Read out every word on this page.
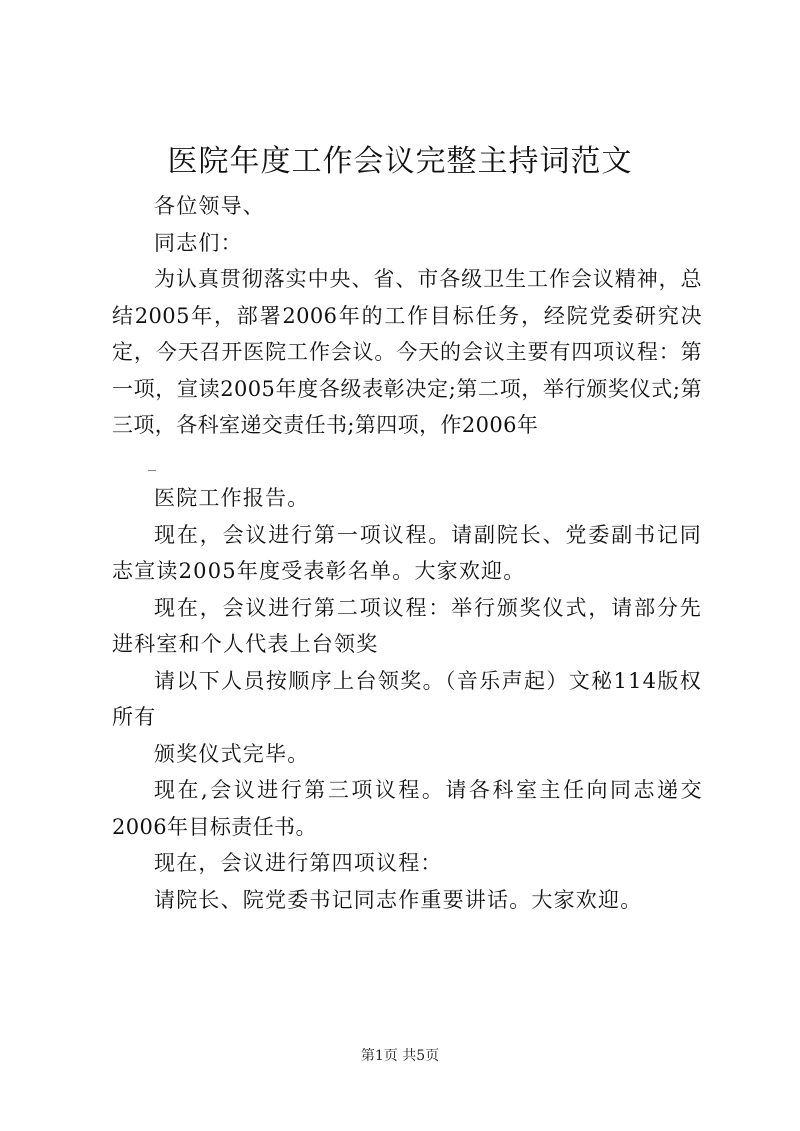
医院年度工作会议完整主持词范文

各位领导、

同志们：

为认真贯彻落实中央、省、市各级卫生工作会议精神，总结2005年，部署2006年的工作目标任务，经院党委研究决定，今天召开医院工作会议。今天的会议主要有四项议程：第一项，宣读2005年度各级表彰决定;第二项，举行颁奖仪式;第三项，各科室递交责任书;第四项，作2006年

_

医院工作报告。

现在，会议进行第一项议程。请副院长、党委副书记同志宣读2005年度受表彰名单。大家欢迎。

现在，会议进行第二项议程：举行颁奖仪式，请部分先进科室和个人代表上台领奖

请以下人员按顺序上台领奖。（音乐声起）文秘114版权所有

颁奖仪式完毕。

现在,会议进行第三项议程。请各科室主任向同志递交2006年目标责任书。

现在，会议进行第四项议程：

请院长、院党委书记同志作重要讲话。大家欢迎。

第1页 共5页
